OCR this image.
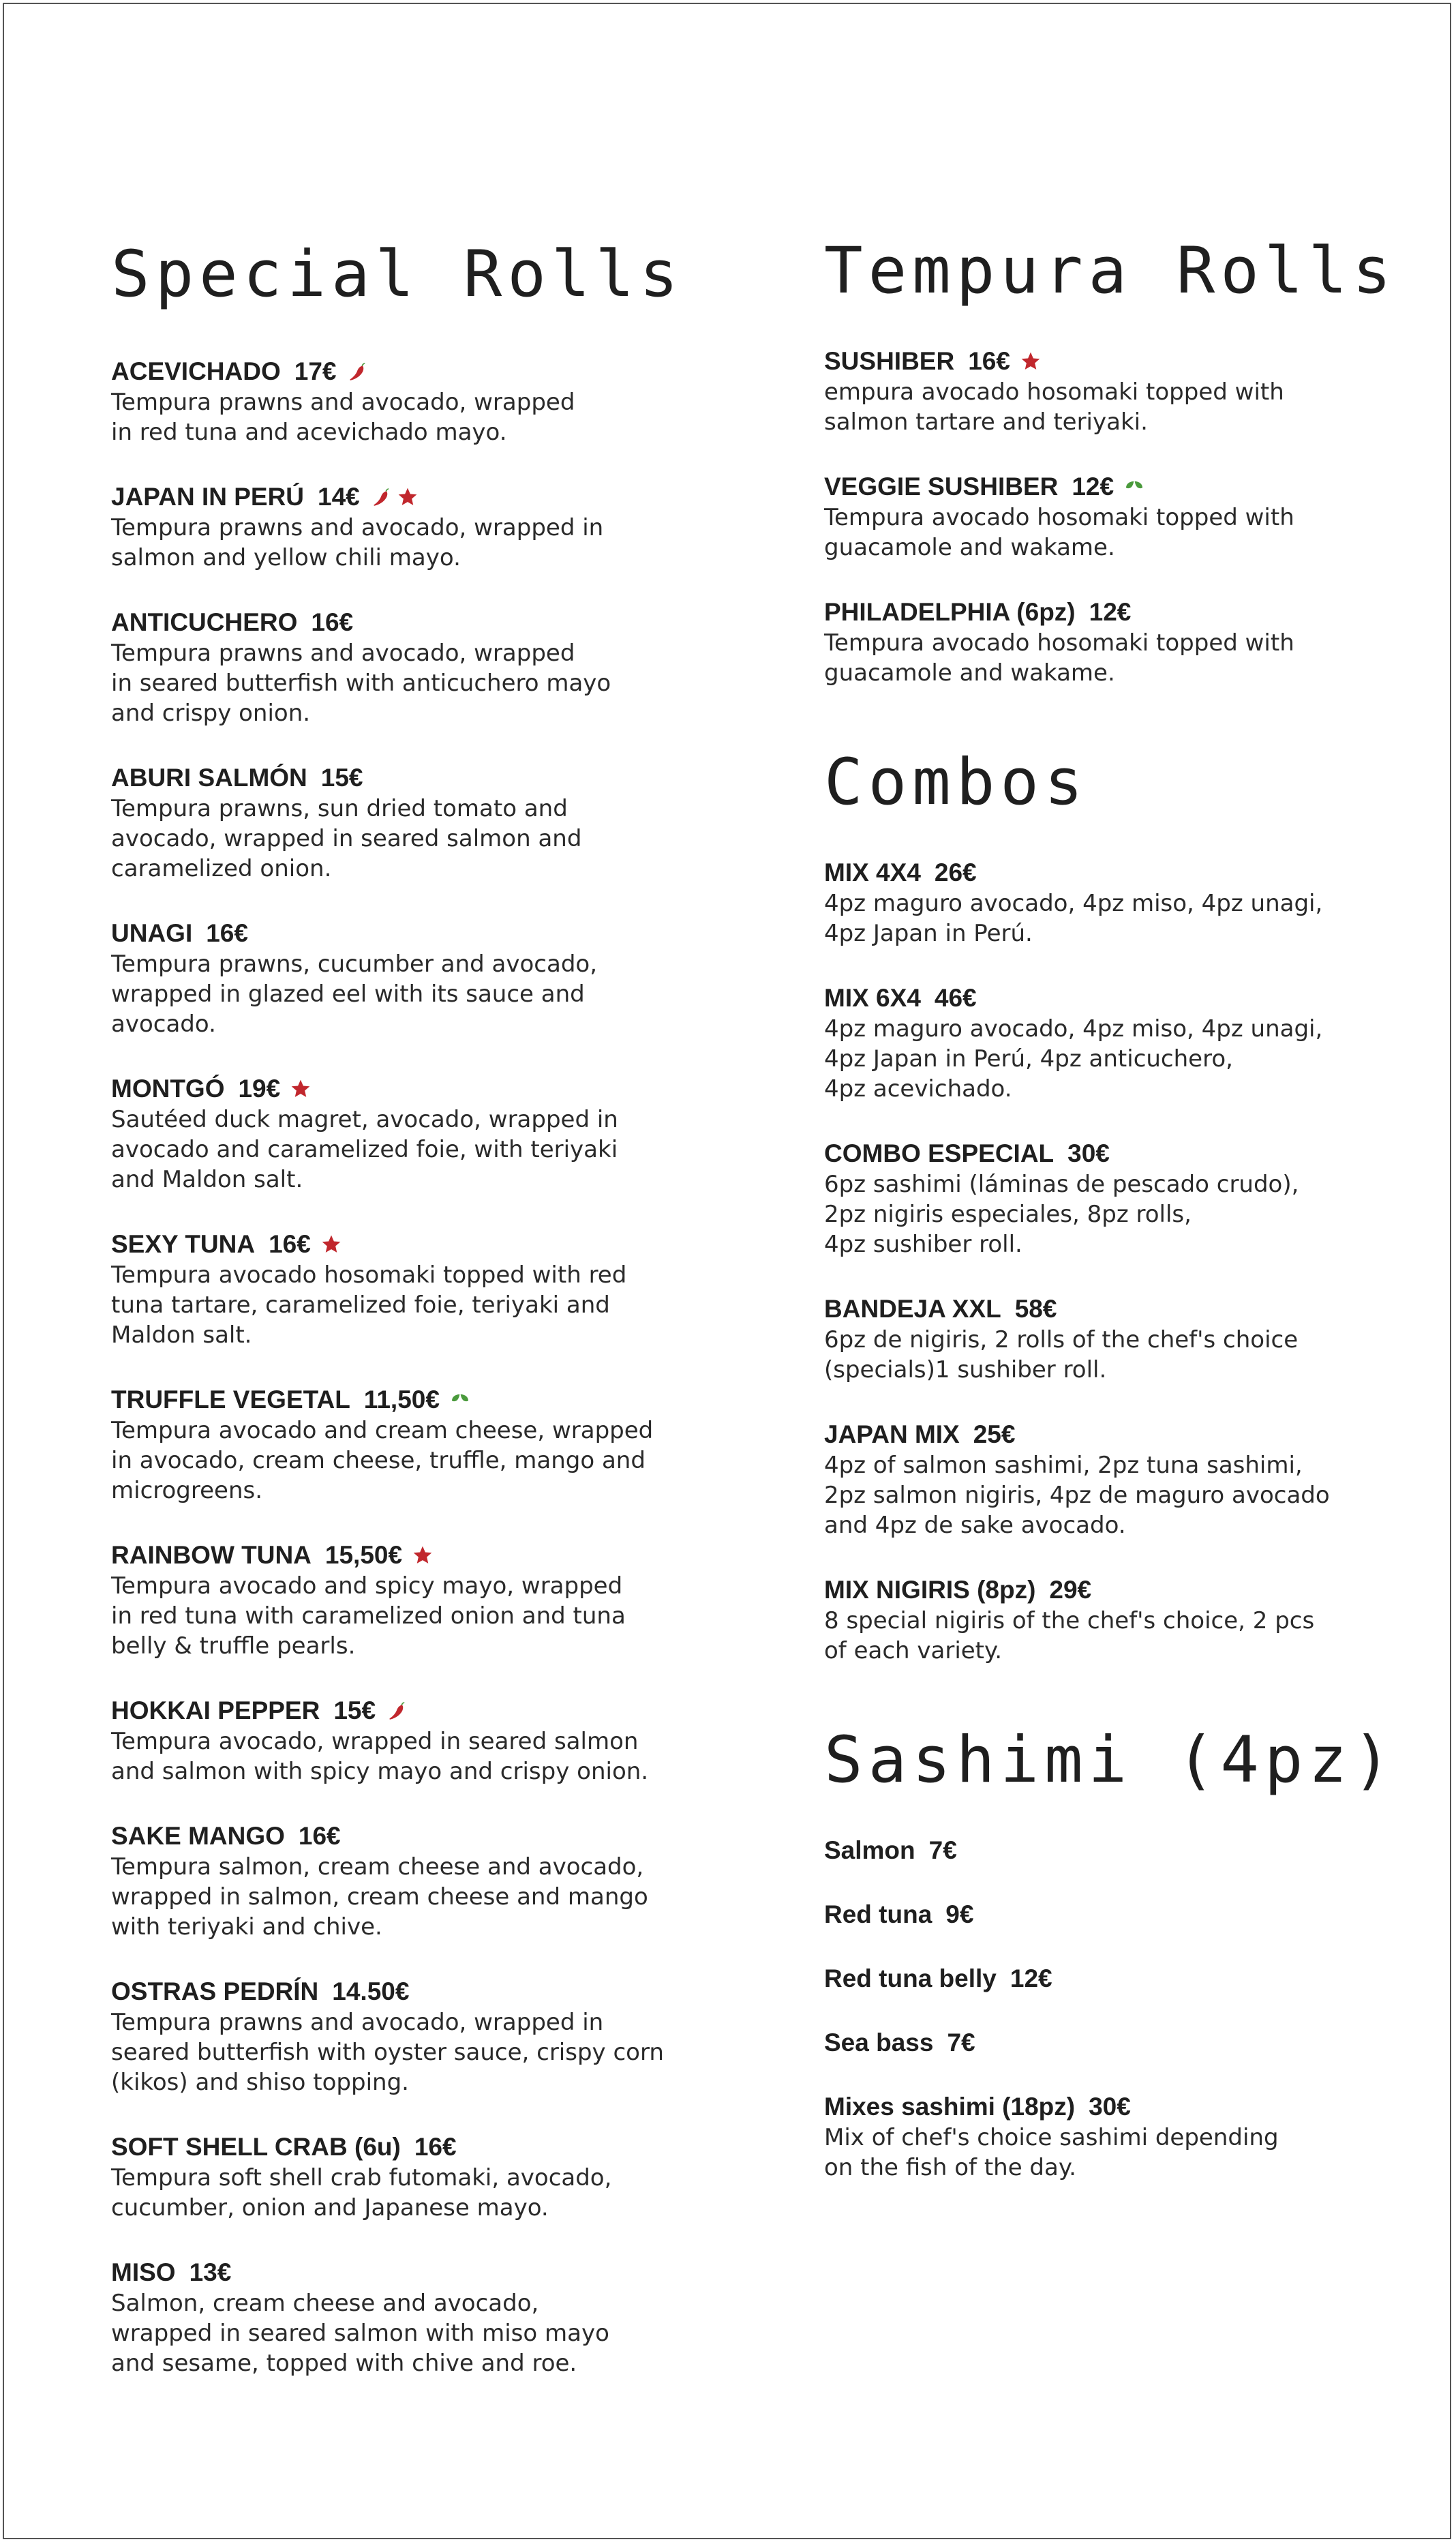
Special Rolls
ACEVICHADO 17€
Tempura prawns and avocado, wrapped
in red tuna and acevichado mayo.
JAPAN IN PERÚ 14€
Tempura prawns and avocado, wrapped in
salmon and yellow chili mayo.
ANTICUCHERO 16€
Tempura prawns and avocado, wrapped
in seared butterfish with anticuchero mayo
and crispy onion.
ABURI SALMÓN 15€
Tempura prawns, sun dried tomato and
avocado, wrapped in seared salmon and
caramelized onion.
UNAGI 16€
Tempura prawns, cucumber and avocado,
wrapped in glazed eel with its sauce and
avocado.
MONTGÓ 19€
Sautéed duck magret, avocado, wrapped in
avocado and caramelized foie, with teriyaki
and Maldon salt.
SEXY TUNA 16€
Tempura avocado hosomaki topped with red
tuna tartare, caramelized foie, teriyaki and
Maldon salt.
TRUFFLE VEGETAL 11,50€
Tempura avocado and cream cheese, wrapped
in avocado, cream cheese, truffle, mango and
microgreens.
RAINBOW TUNA 15,50€
Tempura avocado and spicy mayo, wrapped
in red tuna with caramelized onion and tuna
belly & truffle pearls.
HOKKAI PEPPER 15€
Tempura avocado, wrapped in seared salmon
and salmon with spicy mayo and crispy onion.
SAKE MANGO 16€
Tempura salmon, cream cheese and avocado,
wrapped in salmon, cream cheese and mango
with teriyaki and chive.
OSTRAS PEDRÍN 14.50€
Tempura prawns and avocado, wrapped in
seared butterfish with oyster sauce, crispy corn
(kikos) and shiso topping.
SOFT SHELL CRAB (6u) 16€
Tempura soft shell crab futomaki, avocado,
cucumber, onion and Japanese mayo.
MISO 13€
Salmon, cream cheese and avocado,
wrapped in seared salmon with miso mayo
and sesame, topped with chive and roe.
Tempura Rolls
SUSHIBER 16€
empura avocado hosomaki topped with
salmon tartare and teriyaki.
VEGGIE SUSHIBER 12€
Tempura avocado hosomaki topped with
guacamole and wakame.
PHILADELPHIA (6pz) 12€
Tempura avocado hosomaki topped with
guacamole and wakame.
Combos
MIX 4X4 26€
4pz maguro avocado, 4pz miso, 4pz unagi,
4pz Japan in Perú.
MIX 6X4 46€
4pz maguro avocado, 4pz miso, 4pz unagi,
4pz Japan in Perú, 4pz anticuchero,
4pz acevichado.
COMBO ESPECIAL 30€
6pz sashimi (láminas de pescado crudo),
2pz nigiris especiales, 8pz rolls,
4pz sushiber roll.
BANDEJA XXL 58€
6pz de nigiris, 2 rolls of the chef's choice
(specials)1 sushiber roll.
JAPAN MIX 25€
4pz of salmon sashimi, 2pz tuna sashimi,
2pz salmon nigiris, 4pz de maguro avocado
and 4pz de sake avocado.
MIX NIGIRIS (8pz) 29€
8 special nigiris of the chef's choice, 2 pcs
of each variety.
Sashimi (4pz)
Salmon 7€
Red tuna 9€
Red tuna belly 12€
Sea bass 7€
Mixes sashimi (18pz) 30€
Mix of chef's choice sashimi depending
on the fish of the day.
